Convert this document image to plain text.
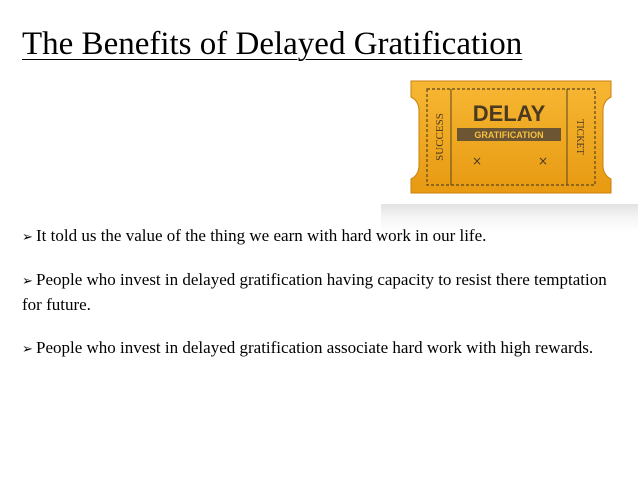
The Benefits of Delayed Gratification
SUCCESS	TICKET
DELAY
GRATIFICATION
×	×
➢ It told us the value of the thing we earn with hard work in our life.
➢ People who invest in delayed gratification having capacity to resist there temptation for future.
➢ People who invest in delayed gratification associate hard work with high rewards.
